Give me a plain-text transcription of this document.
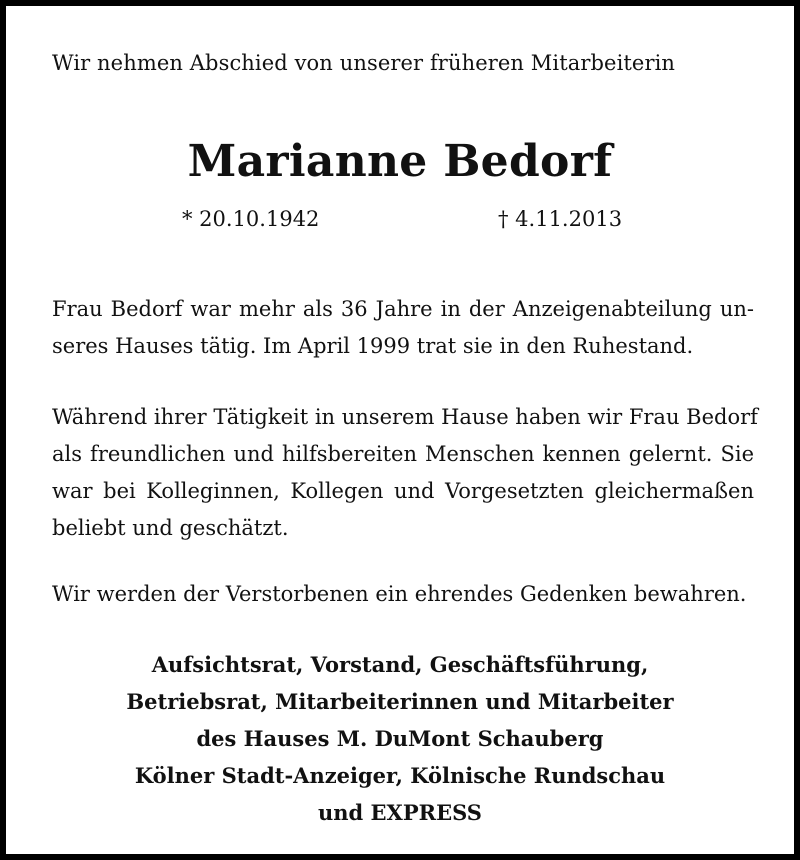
Wir nehmen Abschied von unserer früheren Mitarbeiterin
Marianne Bedorf
* 20.10.1942	† 4.11.2013
Frau Bedorf war mehr als 36 Jahre in der Anzeigenabteilung un-
seres Hauses tätig. Im April 1999 trat sie in den Ruhestand.
Während ihrer Tätigkeit in unserem Hause haben wir Frau Bedorf
als freundlichen und hilfsbereiten Menschen kennen gelernt. Sie
war bei Kolleginnen, Kollegen und Vorgesetzten gleichermaßen
beliebt und geschätzt.
Wir werden der Verstorbenen ein ehrendes Gedenken bewahren.
Aufsichtsrat, Vorstand, Geschäftsführung,
Betriebsrat, Mitarbeiterinnen und Mitarbeiter
des Hauses M. DuMont Schauberg
Kölner Stadt-Anzeiger, Kölnische Rundschau
und EXPRESS
